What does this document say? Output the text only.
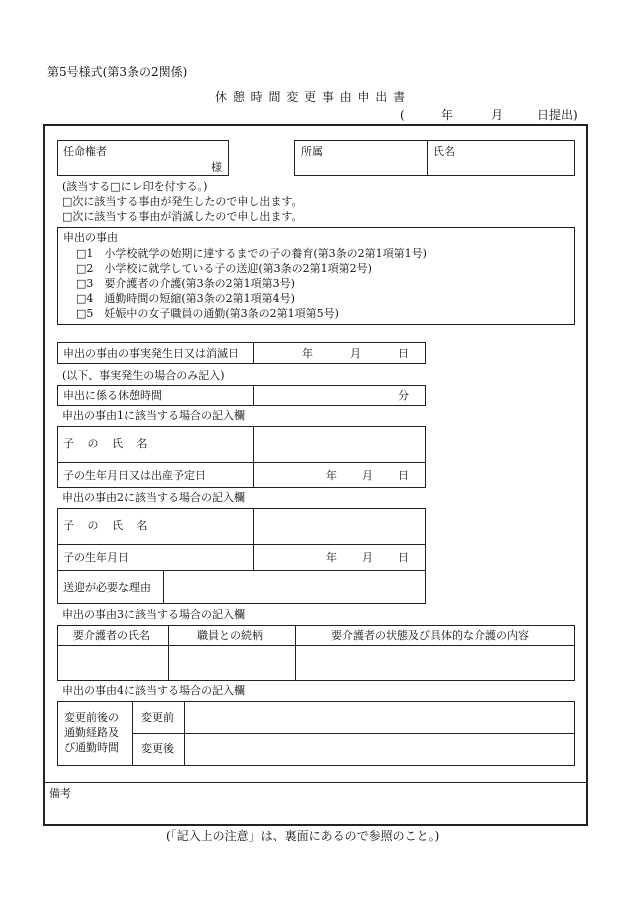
第5号様式(第3条の2関係)
休 憩 時 間 変 更 事 由 申 出 書
(	年	月	日提出)
任命権者
様
所属	氏名
(該当する□にレ印を付する。)
□次に該当する事由が発生したので申し出ます。
□次に該当する事由が消滅したので申し出ます。
申出の事由
□1　小学校就学の始期に達するまでの子の養育(第3条の2第1項第1号)
□2　小学校に就学している子の送迎(第3条の2第1項第2号)
□3　要介護者の介護(第3条の2第1項第3号)
□4　通勤時間の短縮(第3条の2第1項第4号)
□5　妊娠中の女子職員の通勤(第3条の2第1項第5号)
申出の事由の事実発生日又は消滅日	年	月	日
(以下、事実発生の場合のみ記入)
申出に係る休憩時間	分
申出の事由1に該当する場合の記入欄
子 の 氏 名
子の生年月日又は出産予定日	年 月 日
申出の事由2に該当する場合の記入欄
子 の 氏 名
子の生年月日	年 月 日
送迎が必要な理由
申出の事由3に該当する場合の記入欄
要介護者の氏名	職員との続柄	要介護者の状態及び具体的な介護の内容
申出の事由4に該当する場合の記入欄
変更前後の
通勤経路及
び通勤時間
変更前
変更後
備考
(「記入上の注意」は、裏面にあるので参照のこと。)
